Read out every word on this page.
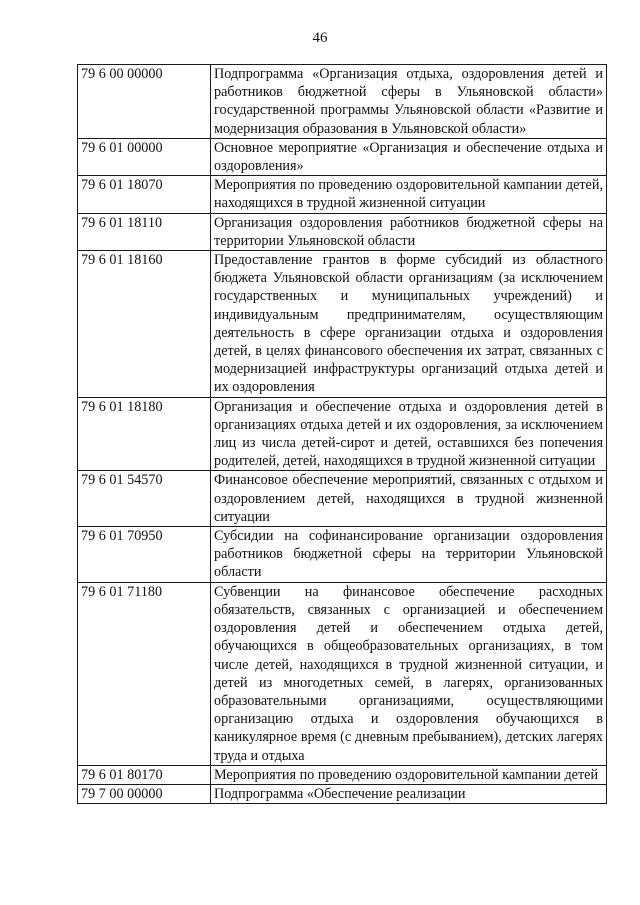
46
79 6 00 00000	Подпрограмма «Организация отдыха, оздоровления детей и работников бюджетной сферы в Ульяновской области» государственной программы Ульяновской области «Развитие и модернизация образования в Ульяновской области»
79 6 01 00000	Основное мероприятие «Организация и обеспечение отдыха и оздоровления»
79 6 01 18070	Мероприятия по проведению оздоровительной кампании детей, находящихся в трудной жизненной ситуации
79 6 01 18110	Организация оздоровления работников бюджетной сферы на территории Ульяновской области
79 6 01 18160	Предоставление грантов в форме субсидий из областного бюджета Ульяновской области организациям (за исключением государственных и муниципальных учреждений) и индивидуальным предпринимателям, осуществляющим деятельность в сфере организации отдыха и оздоровления детей, в целях финансового обеспечения их затрат, связанных с модернизацией инфраструктуры организаций отдыха детей и их оздоровления
79 6 01 18180	Организация и обеспечение отдыха и оздоровления детей в организациях отдыха детей и их оздоровления, за исключением лиц из числа детей-сирот и детей, оставшихся без попечения родителей, детей, находящихся в трудной жизненной ситуации
79 6 01 54570	Финансовое обеспечение мероприятий, связанных с отдыхом и оздоровлением детей, находящихся в трудной жизненной ситуации
79 6 01 70950	Субсидии на софинансирование организации оздоровления работников бюджетной сферы на территории Ульяновской области
79 6 01 71180	Субвенции на финансовое обеспечение расходных обязательств, связанных с организацией и обеспечением оздоровления детей и обеспечением отдыха детей, обучающихся в общеобразовательных организациях, в том числе детей, находящихся в трудной жизненной ситуации, и детей из многодетных семей, в лагерях, организованных образовательными организациями, осуществляющими организацию отдыха и оздоровления обучающихся в каникулярное время (с дневным пребыванием), детских лагерях труда и отдыха
79 6 01 80170	Мероприятия по проведению оздоровительной кампании детей
79 7 00 00000	Подпрограмма «Обеспечение реализации
